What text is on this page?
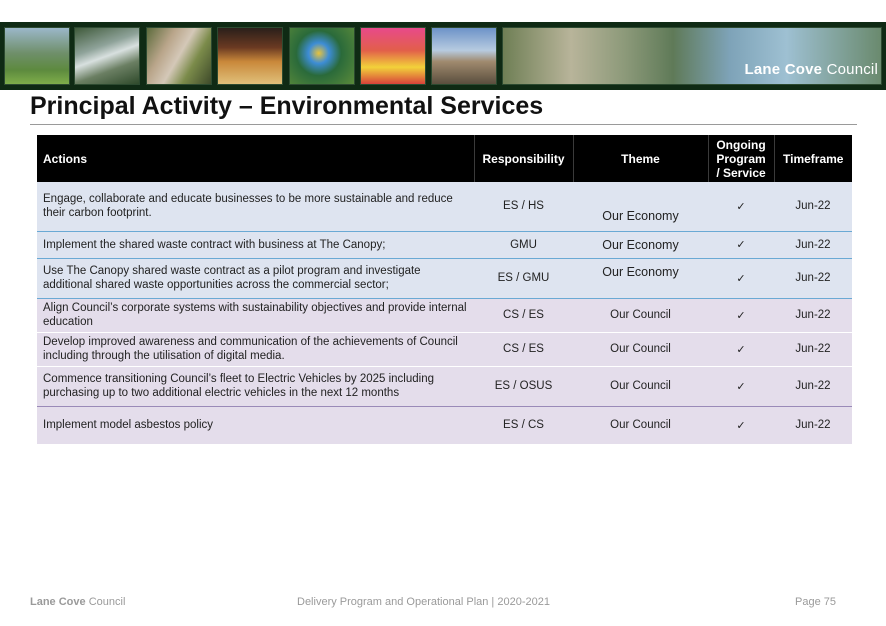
Lane Cove Council
Principal Activity – Environmental Services
Actions	Responsibility	Theme	Ongoing Program / Service	Timeframe
Engage, collaborate and educate businesses to be more sustainable and reduce their carbon footprint.	ES / HS	Our Economy	✓	Jun-22
Implement the shared waste contract with business at The Canopy;	GMU	Our Economy	✓	Jun-22
Use The Canopy shared waste contract as a pilot program and investigate additional shared waste opportunities across the commercial sector;	ES / GMU	Our Economy	✓	Jun-22
Align Council’s corporate systems with sustainability objectives and provide internal education	CS / ES	Our Council	✓	Jun-22
Develop improved awareness and communication of the achievements of Council including through the utilisation of digital media.	CS / ES	Our Council	✓	Jun-22
Commence transitioning Council’s fleet to Electric Vehicles by 2025 including purchasing up to two additional electric vehicles in the next 12 months	ES / OSUS	Our Council	✓	Jun-22
Implement model asbestos policy	ES / CS	Our Council	✓	Jun-22
Lane Cove Council	Delivery Program and Operational Plan | 2020-2021	Page 75
